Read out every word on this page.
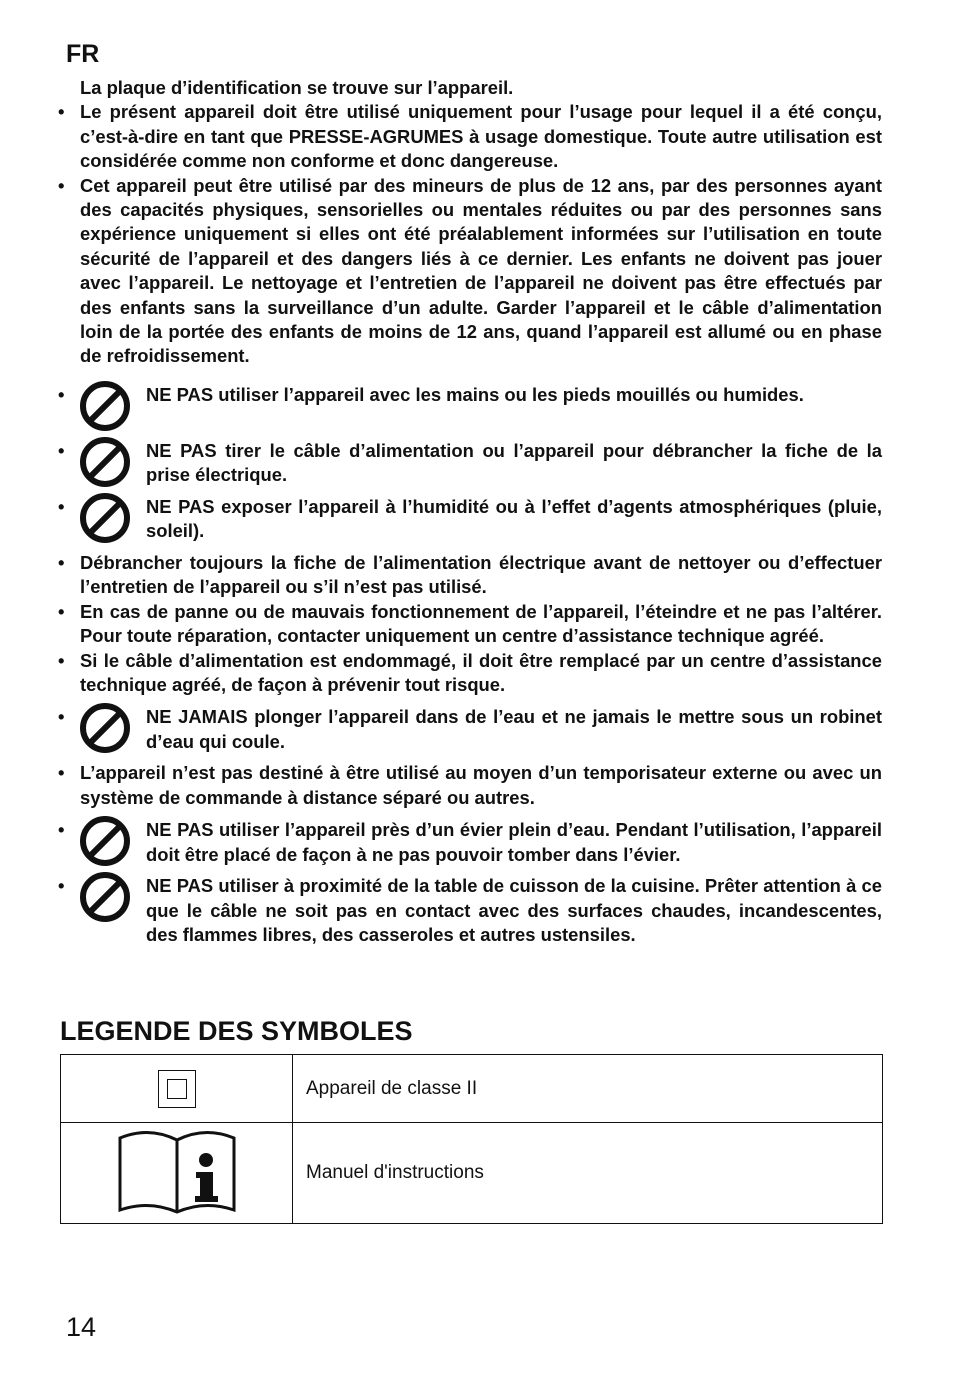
FR

La plaque d’identification se trouve sur l’appareil.

• Le présent appareil doit être utilisé uniquement pour l’usage pour lequel il a été conçu, c’est-à-dire en tant que PRESSE-AGRUMES à usage domestique. Toute autre utilisation est considérée comme non conforme et donc dangereuse.
• Cet appareil peut être utilisé par des mineurs de plus de 12 ans, par des personnes ayant des capacités physiques, sensorielles ou mentales réduites ou par des personnes sans expérience uniquement si elles ont été préalablement informées sur l’utilisation en toute sécurité de l’appareil et des dangers liés à ce dernier. Les enfants ne doivent pas jouer avec l’appareil. Le nettoyage et l’entretien de l’appareil ne doivent pas être effectués par des enfants sans la surveillance d’un adulte. Garder l’appareil et le câble d’alimentation loin de la portée des enfants de moins de 12 ans, quand l’appareil est allumé ou en phase de refroidissement.
•	NE PAS utiliser l’appareil avec les mains ou les pieds mouillés ou humides.
•	NE PAS tirer le câble d’alimentation ou l’appareil pour débrancher la fiche de la prise électrique.
•	NE PAS exposer l’appareil à l’humidité ou à l’effet d’agents atmosphériques (pluie, soleil).
• Débrancher toujours la fiche de l’alimentation électrique avant de nettoyer ou d’effectuer l’entretien de l’appareil ou s’il n’est pas utilisé.
• En cas de panne ou de mauvais fonctionnement de l’appareil, l’éteindre et ne pas l’altérer. Pour toute réparation, contacter uniquement un centre d’assistance technique agréé.
• Si le câble d’alimentation est endommagé, il doit être remplacé par un centre d’assistance technique agréé, de façon à prévenir tout risque.
•	NE JAMAIS plonger l’appareil dans de l’eau et ne jamais le mettre sous un robinet d’eau qui coule.
• L’appareil n’est pas destiné à être utilisé au moyen d’un temporisateur externe ou avec un système de commande à distance séparé ou autres.
•	NE PAS utiliser l’appareil près d’un évier plein d’eau. Pendant l’utilisation, l’appareil doit être placé de façon à ne pas pouvoir tomber dans l’évier.
•	NE PAS utiliser à proximité de la table de cuisson de la cuisine. Prêter attention à ce que le câble ne soit pas en contact avec des surfaces chaudes, incandescentes, des flammes libres, des casseroles et autres ustensiles.
LEGENDE DES SYMBOLES
	Appareil de classe II
	Manuel d'instructions

14
